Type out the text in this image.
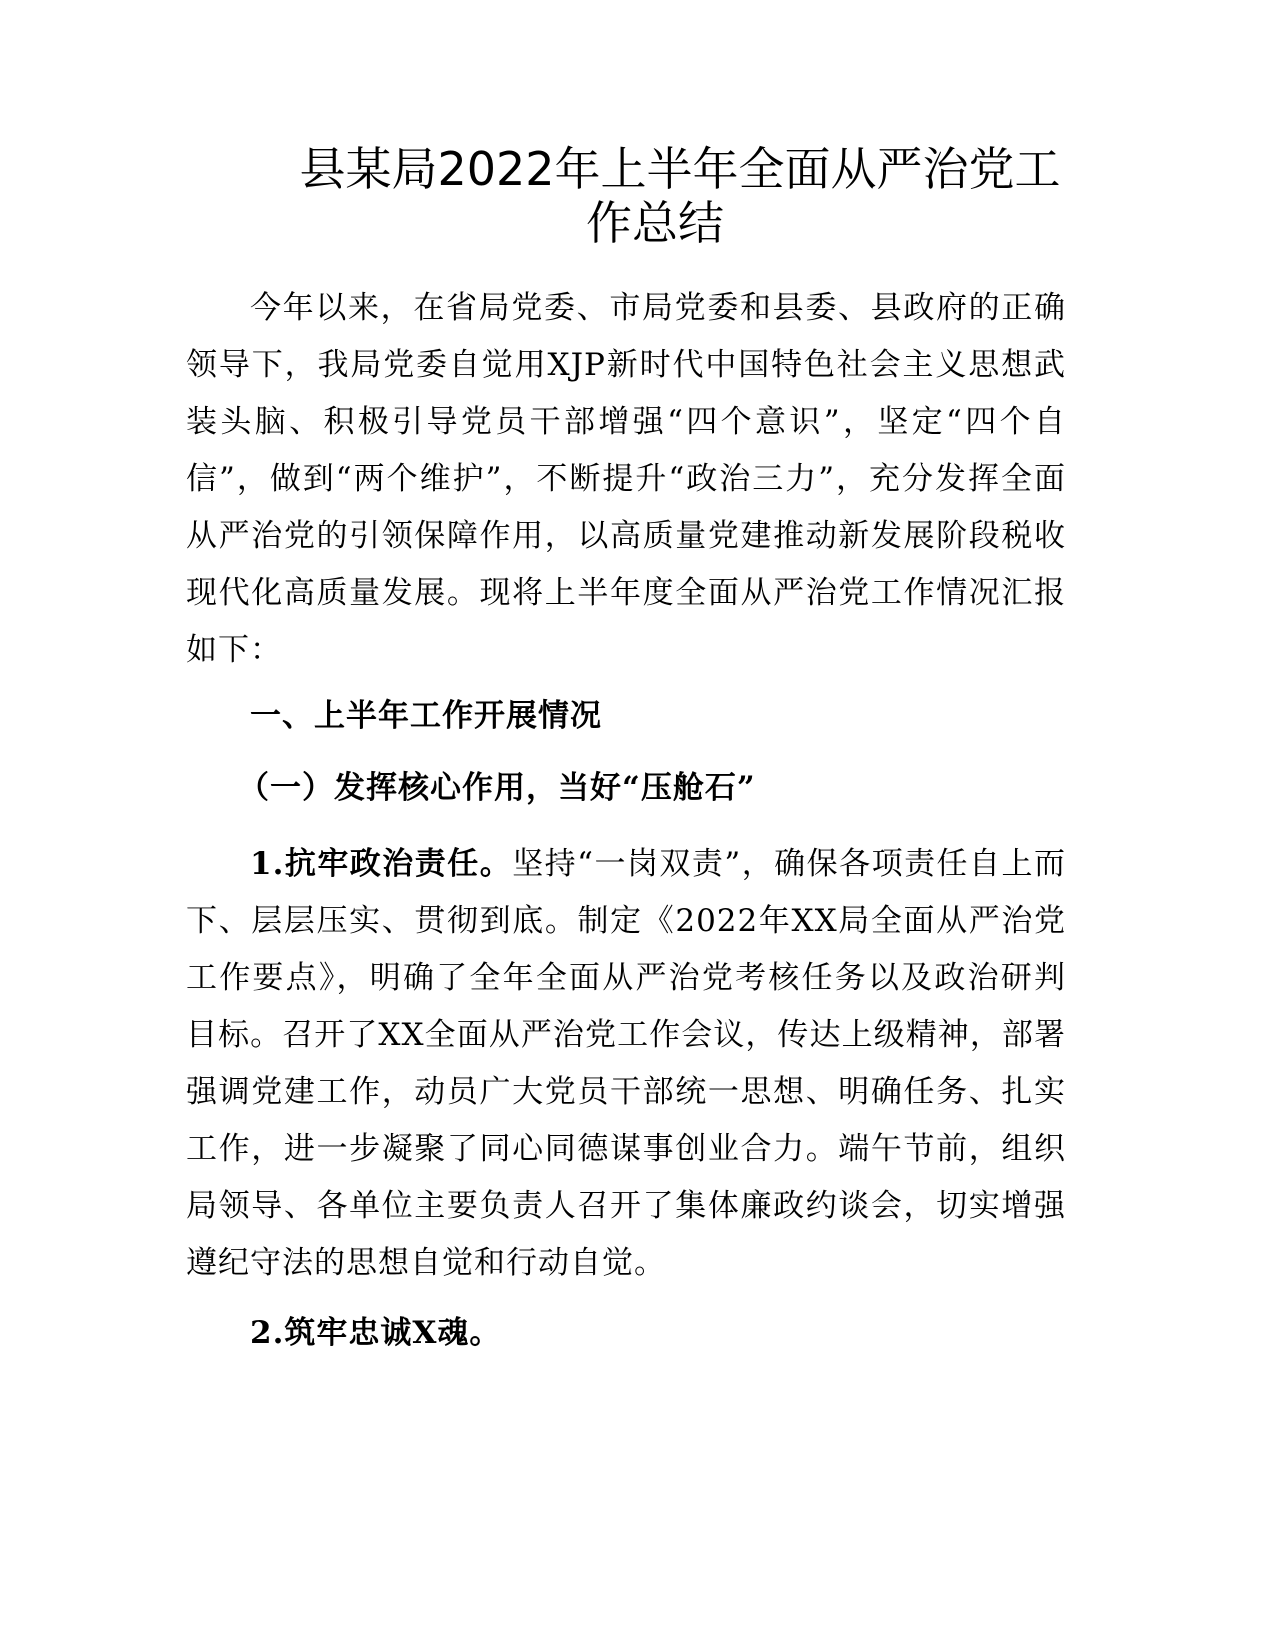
县某局2022年上半年全面从严治党工
作总结

今年以来，在省局党委、市局党委和县委、县政府的正确领导下，我局党委自觉用XJP新时代中国特色社会主义思想武装头脑、积极引导党员干部增强“四个意识”，坚定“四个自信”，做到“两个维护”，不断提升“政治三力”，充分发挥全面从严治党的引领保障作用，以高质量党建推动新发展阶段税收现代化高质量发展。现将上半年度全面从严治党工作情况汇报如下：

一、上半年工作开展情况

（一）发挥核心作用，当好“压舱石”

1.抗牢政治责任。坚持“一岗双责”，确保各项责任自上而下、层层压实、贯彻到底。制定《2022年XX局全面从严治党工作要点》，明确了全年全面从严治党考核任务以及政治研判目标。召开了XX全面从严治党工作会议，传达上级精神，部署强调党建工作，动员广大党员干部统一思想、明确任务、扎实工作，进一步凝聚了同心同德谋事创业合力。端午节前，组织局领导、各单位主要负责人召开了集体廉政约谈会，切实增强遵纪守法的思想自觉和行动自觉。

2.筑牢忠诚X魂。
